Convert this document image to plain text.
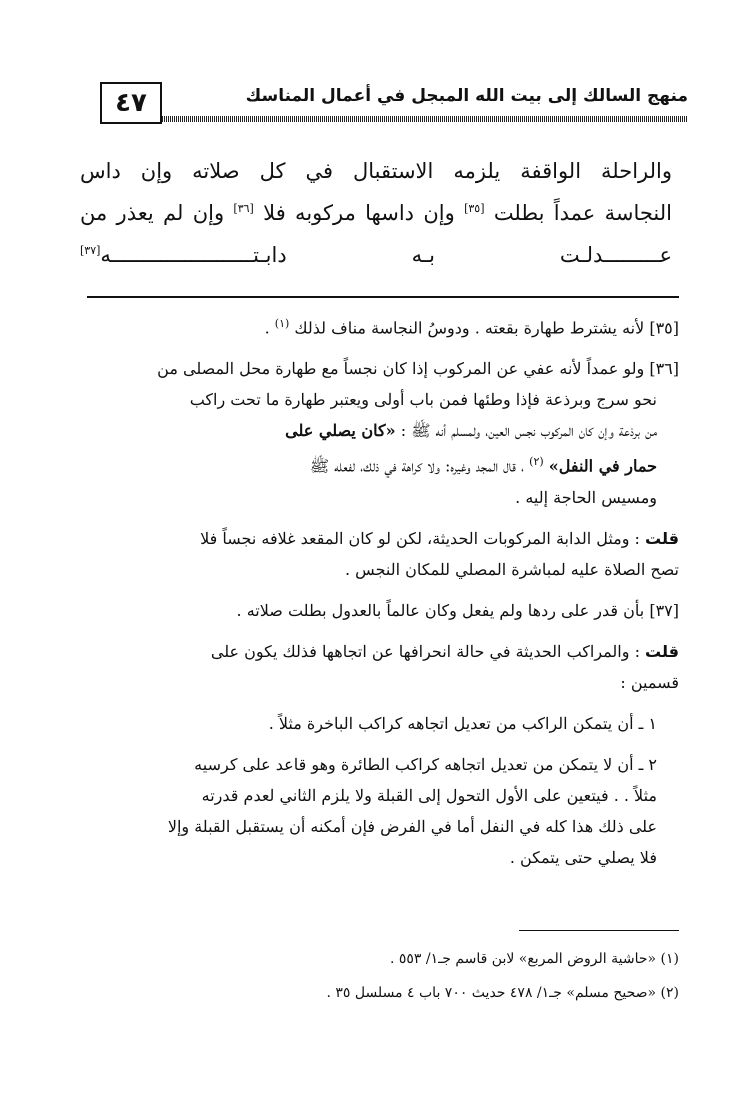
منهج السالك إلى بيت الله المبجل في أعمال المناسك
٤٧
والراحلة الواقفة يلزمه الاستقبال في كل صلاته وإن داس
النجاسة عمداً بطلت [٣٥] وإن داسها مركوبه فلا [٣٦] وإن لم يعذر من
عـــــــــدلـت بـه دابـتـــــــــــــــــــــــه[٣٧]
[٣٥] لأنه يشترط طهارة بقعته . ودوسُ النجاسة مناف لذلك $^{(١)}$ .
[٣٦] ولو عمداً لأنه عفي عن المركوب إذا كان نجساً مع طهارة محل المصلى من
نحو سرج وبرذعة فإذا وطئها فمن باب أولى ويعتبر طهارة ما تحت راكب
من برذعة وإن كان المركوب نجس العين، ولمسلم أنه ﷺ : «كان يصلي على
حمار في النفل» $^{(٢)}$ ، قال المجد وغيره: ولا كراهة في ذلك، لفعله ﷺ
ومسيس الحاجة إليه .
قلت : ومثل الدابة المركوبات الحديثة، لكن لو كان المقعد غلافه نجساً فلا
تصح الصلاة عليه لمباشرة المصلي للمكان النجس .
[٣٧] بأن قدر على ردها ولم يفعل وكان عالماً بالعدول بطلت صلاته .
قلت : والمراكب الحديثة في حالة انحرافها عن اتجاهها فذلك يكون على
قسمين :
١ ـ أن يتمكن الراكب من تعديل اتجاهه كراكب الباخرة مثلاً .
٢ ـ أن لا يتمكن من تعديل اتجاهه كراكب الطائرة وهو قاعد على كرسيه
مثلاً . . فيتعين على الأول التحول إلى القبلة ولا يلزم الثاني لعدم قدرته
على ذلك هذا كله في النفل أما في الفرض فإن أمكنه أن يستقبل القبلة وإلا
فلا يصلي حتى يتمكن .
(١) «حاشية الروض المربع» لابن قاسم جـ١/ ٥٥٣ .
(٢) «صحيح مسلم» جـ١/ ٤٧٨ حديث ٧٠٠ باب ٤ مسلسل ٣٥ .
